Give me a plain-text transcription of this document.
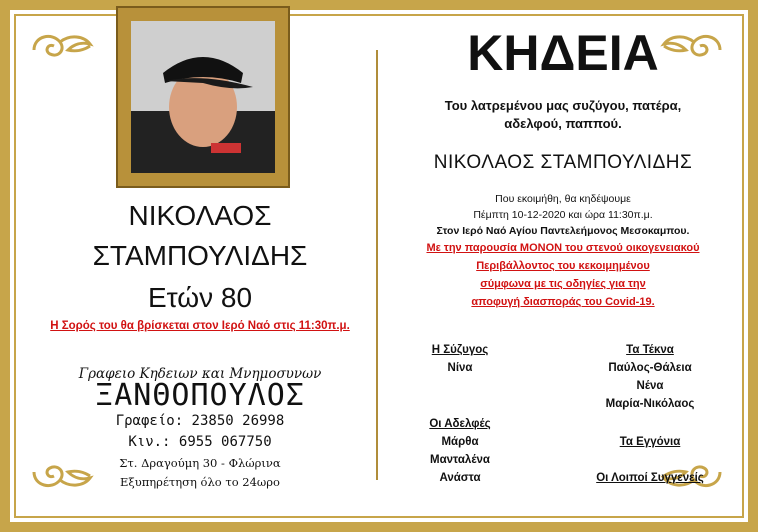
ΝΙΚΟΛΑΟΣ
ΣΤΑΜΠΟΥΛΙΔΗΣ
Ετών 80
Η Σορός του θα βρίσκεται στον Ιερό Ναό στις 11:30π.μ.
Γραφειο Κηδειων και Μνημοσυνων
ΞΑΝΘΟΠΟΥΛΟΣ
Γραφείο: 23850 26998
Κιν.: 6955 067750
Στ. Δραγούμη 30 - Φλώρινα
Εξυπηρέτηση όλο το 24ωρο
ΚΗΔΕΙΑ
Του λατρεμένου μας συζύγου, πατέρα,
αδελφού, παππού.
ΝΙΚΟΛΑΟΣ ΣΤΑΜΠΟΥΛΙΔΗΣ
Που εκοιμήθη, θα κηδέψουμε
Πέμπτη 10-12-2020 και ώρα 11:30π.μ.
Στον Ιερό Ναό Αγίου Παντελεήμονος Μεσοκαμπου.
Με την παρουσία ΜΟΝΟΝ του στενού οικογενειακού
Περιβάλλοντος του κεκοιμημένου
σύμφωνα με τις οδηγίες για την
αποφυγή διασποράς του Covid-19.
Η Σύζυγος
Νίνα
Οι Αδελφές
Μάρθα
Μανταλένα
Ανάστα
Τα Τέκνα
Παύλος-Θάλεια
Νένα
Μαρία-Νικόλαος
Τα Εγγόνια
Οι Λοιποί Συγγενείς
